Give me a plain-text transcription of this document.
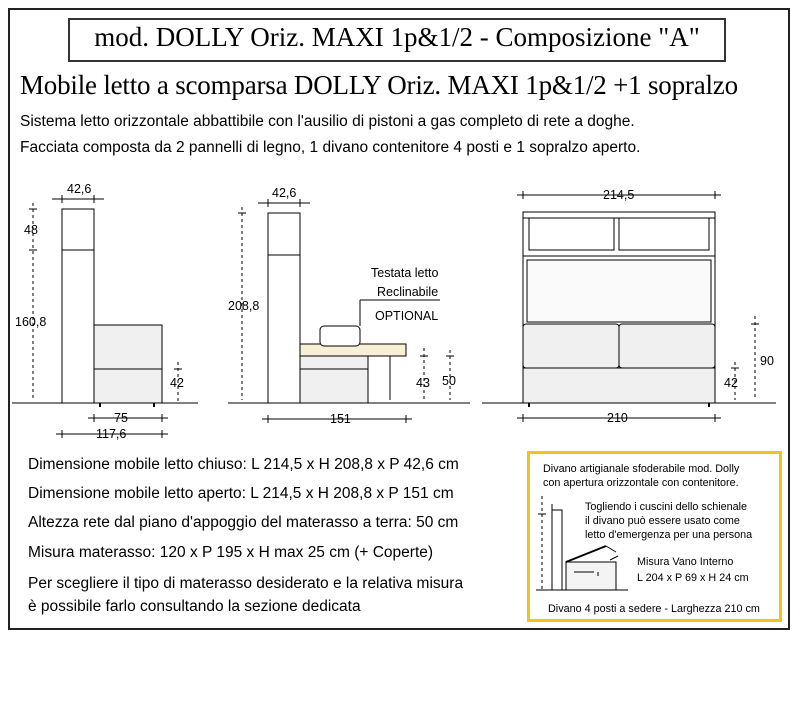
mod. DOLLY Oriz. MAXI 1p&1/2 - Composizione "A"
Mobile letto a scomparsa DOLLY Oriz. MAXI 1p&1/2 +1 sopralzo
Sistema letto orizzontale abbattibile con l'ausilio di pistoni a gas completo di rete a doghe.
Facciata composta da 2 pannelli di legno, 1 divano contenitore 4 posti e 1 sopralzo aperto.
42,6
48
160,8
42
75
117,6
42,6
208,8
Testata letto
Reclinabile
OPTIONAL
43 50
151
214,5
210
90
42
Dimensione mobile letto chiuso: L 214,5 x H 208,8 x P 42,6 cm
Dimensione mobile letto aperto: L 214,5 x H 208,8 x P 151 cm
Altezza rete dal piano d'appoggio del materasso a terra: 50 cm
Misura materasso: 120 x P 195 x H max 25 cm (+ Coperte)
Per scegliere il tipo di materasso desiderato e la relativa misura
è possibile farlo consultando la sezione dedicata
Divano artigianale sfoderabile mod. Dolly
con apertura orizzontale con contenitore.
Togliendo i cuscini dello schienale
il divano può essere usato come
letto d'emergenza per una persona
Misura Vano Interno
L 204 x P 69 x H 24 cm
Divano 4 posti a sedere - Larghezza 210 cm
